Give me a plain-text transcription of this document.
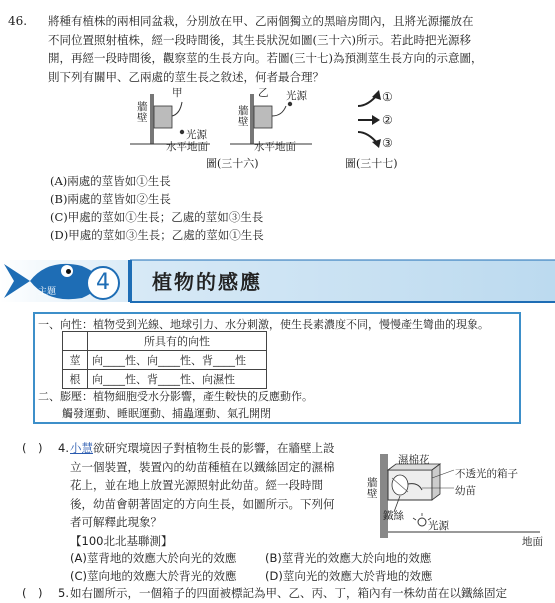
46. 將種有植株的兩相同盆栽，分別放在甲、乙兩個獨立的黑暗房間內，且將光源擺放在
不同位置照射植株，經一段時間後，其生長狀況如圖(三十六)所示。若此時把光源移
開，再經一段時間後，觀察莖的生長方向。若圖(三十七)為預測莖生長方向的示意圖，
則下列有關甲、乙兩處的莖生長之敘述，何者最合理？
甲
牆壁
光源
水平地面
乙 光源
牆壁
水平地面
圖(三十六)
①
②
③
圖(三十七)
(A)兩處的莖皆如①生長
(B)兩處的莖皆如②生長
(C)甲處的莖如①生長；乙處的莖如③生長
(D)甲處的莖如③生長；乙處的莖如①生長
主題	4	植物的感應
一、向性：植物受到光線、地球引力、水分刺激，使生長素濃度不同，慢慢產生彎曲的現象。
	所具有的向性
莖	向____性、向____性、背____性
根	向____性、背____性、向濕性
二、膨壓：植物細胞受水分影響，產生較快的反應動作。
觸發運動、睡眠運動、捕蟲運動、氣孔開閉
(　) 4. 小慧欲研究環境因子對植物生長的影響，在牆壁上設
立一個裝置，裝置內的幼苗種植在以鐵絲固定的濕棉
花上，並在地上放置光源照射此幼苗。經一段時間
後，幼苗會朝著固定的方向生長，如圖所示。下列何
者可解釋此現象？
【100北北基聯測】
(A)莖背地的效應大於向光的效應 (B)莖背光的效應大於向地的效應
(C)莖向地的效應大於背光的效應 (D)莖向光的效應大於背地的效應
濕棉花
不透光的箱子
幼苗
牆壁
鐵絲
光源
地面
(　) 5. 如右圖所示，一個箱子的四面被標記為甲、乙、丙、丁，箱內有一株幼苗在以鐵絲固定
